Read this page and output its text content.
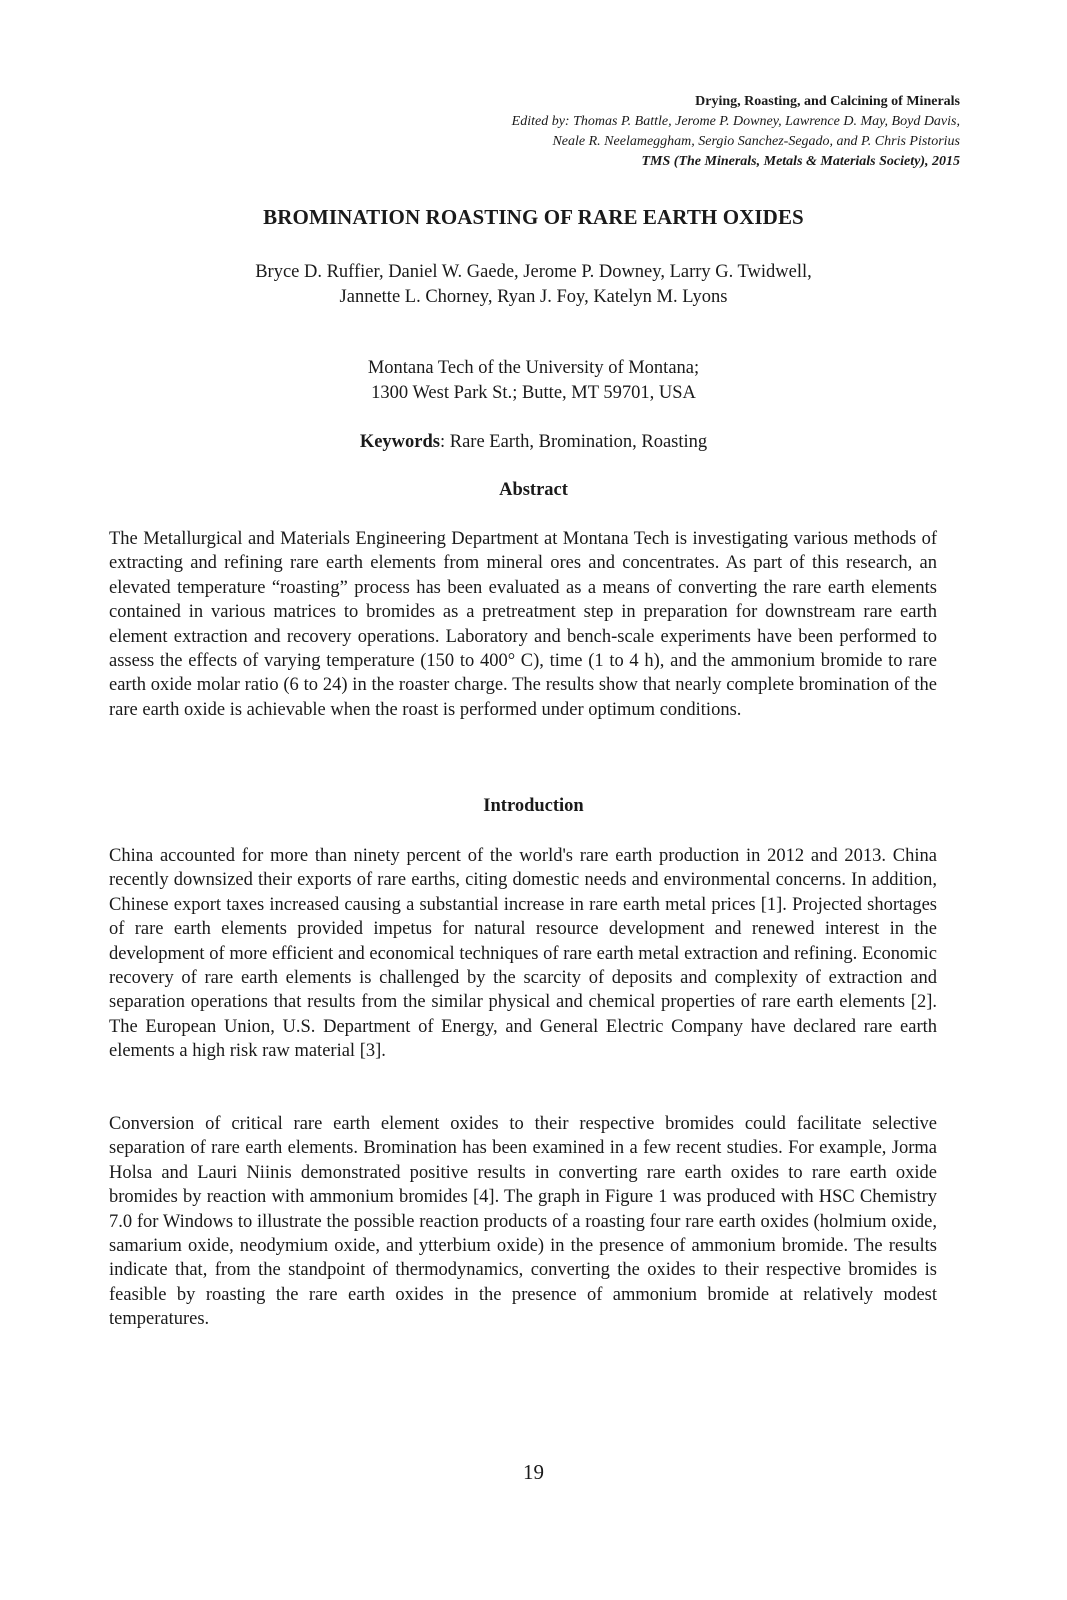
Drying, Roasting, and Calcining of Minerals
Edited by: Thomas P. Battle, Jerome P. Downey, Lawrence D. May, Boyd Davis,
Neale R. Neelameggham, Sergio Sanchez-Segado, and P. Chris Pistorius
TMS (The Minerals, Metals & Materials Society), 2015
BROMINATION ROASTING OF RARE EARTH OXIDES
Bryce D. Ruffier, Daniel W. Gaede, Jerome P. Downey, Larry G. Twidwell,
Jannette L. Chorney, Ryan J. Foy, Katelyn M. Lyons
Montana Tech of the University of Montana;
1300 West Park St.; Butte, MT 59701, USA
Keywords: Rare Earth, Bromination, Roasting
Abstract

The Metallurgical and Materials Engineering Department at Montana Tech is investigating various methods of extracting and refining rare earth elements from mineral ores and concentrates. As part of this research, an elevated temperature “roasting” process has been evaluated as a means of converting the rare earth elements contained in various matrices to bromides as a pretreatment step in preparation for downstream rare earth element extraction and recovery operations. Laboratory and bench-scale experiments have been performed to assess the effects of varying temperature (150 to 400° C), time (1 to 4 h), and the ammonium bromide to rare earth oxide molar ratio (6 to 24) in the roaster charge. The results show that nearly complete bromination of the rare earth oxide is achievable when the roast is performed under optimum conditions.

Introduction

China accounted for more than ninety percent of the world's rare earth production in 2012 and 2013. China recently downsized their exports of rare earths, citing domestic needs and environmental concerns. In addition, Chinese export taxes increased causing a substantial increase in rare earth metal prices [1]. Projected shortages of rare earth elements provided impetus for natural resource development and renewed interest in the development of more efficient and economical techniques of rare earth metal extraction and refining. Economic recovery of rare earth elements is challenged by the scarcity of deposits and complexity of extraction and separation operations that results from the similar physical and chemical properties of rare earth elements [2]. The European Union, U.S. Department of Energy, and General Electric Company have declared rare earth elements a high risk raw material [3].

Conversion of critical rare earth element oxides to their respective bromides could facilitate selective separation of rare earth elements. Bromination has been examined in a few recent studies. For example, Jorma Holsa and Lauri Niinis demonstrated positive results in converting rare earth oxides to rare earth oxide bromides by reaction with ammonium bromides [4]. The graph in Figure 1 was produced with HSC Chemistry 7.0 for Windows to illustrate the possible reaction products of a roasting four rare earth oxides (holmium oxide, samarium oxide, neodymium oxide, and ytterbium oxide) in the presence of ammonium bromide. The results indicate that, from the standpoint of thermodynamics, converting the oxides to their respective bromides is feasible by roasting the rare earth oxides in the presence of ammonium bromide at relatively modest temperatures.

19
